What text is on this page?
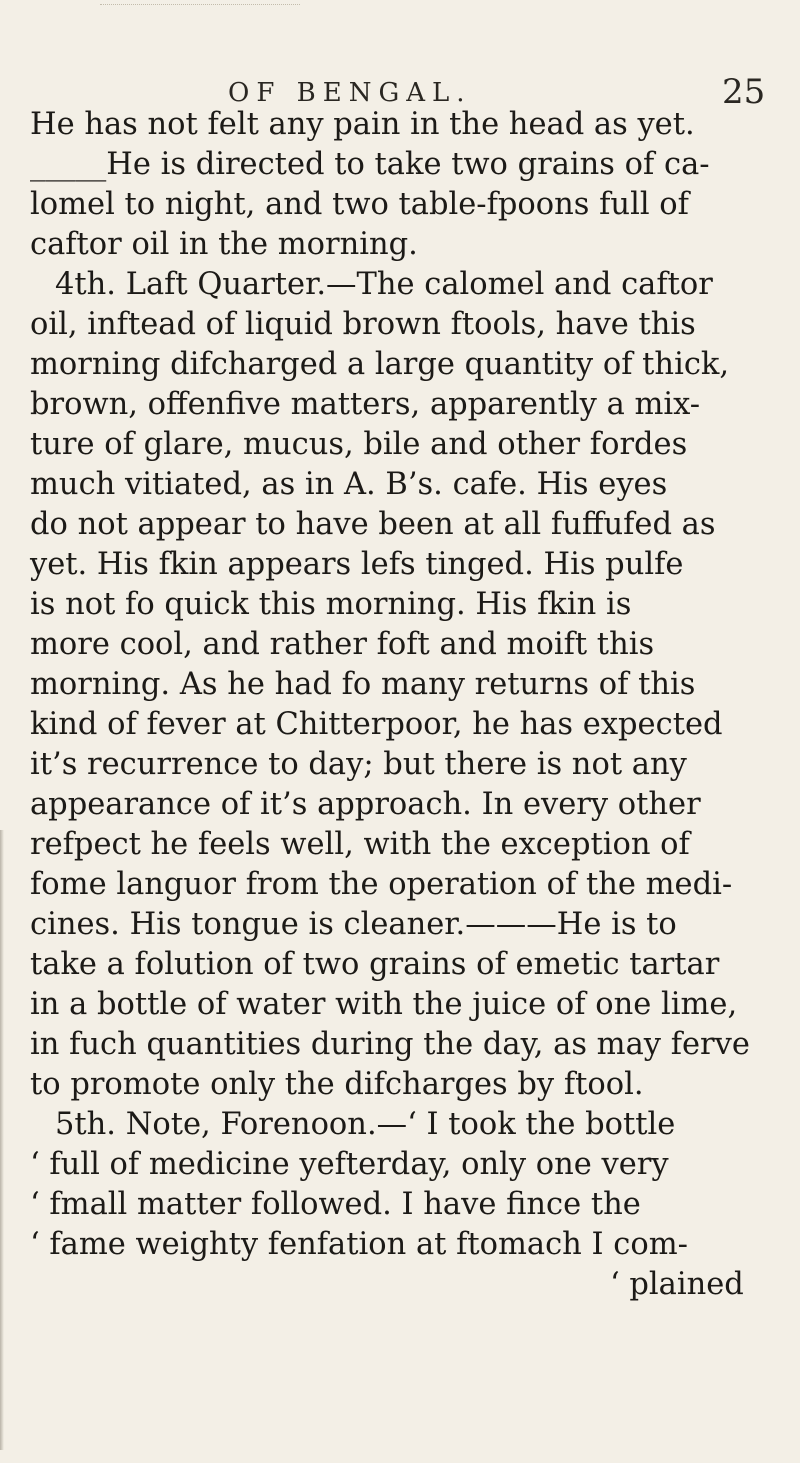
OF BENGAL.	25
He has not felt any pain in the head as yet.
_____He is directed to take two grains of ca-
lomel to night, and two table-fpoons full of
caftor oil in the morning.
4th. Laft Quarter.—The calomel and caftor
oil, inftead of liquid brown ftools, have this
morning difcharged a large quantity of thick,
brown, offenfive matters, apparently a mix-
ture of glare, mucus, bile and other fordes
much vitiated, as in A. B’s. cafe. His eyes
do not appear to have been at all fuffufed as
yet. His fkin appears lefs tinged. His pulfe
is not fo quick this morning. His fkin is
more cool, and rather foft and moift this
morning. As he had fo many returns of this
kind of fever at Chitterpoor, he has expected
it’s recurrence to day; but there is not any
appearance of it’s approach. In every other
refpect he feels well, with the exception of
fome languor from the operation of the medi-
cines. His tongue is cleaner.———He is to
take a folution of two grains of emetic tartar
in a bottle of water with the juice of one lime,
in fuch quantities during the day, as may ferve
to promote only the difcharges by ftool.
5th. Note, Forenoon.—‘ I took the bottle
‘ full of medicine yefterday, only one very
‘ fmall matter followed. I have fince the
‘ fame weighty fenfation at ftomach I com-
‘ plained
